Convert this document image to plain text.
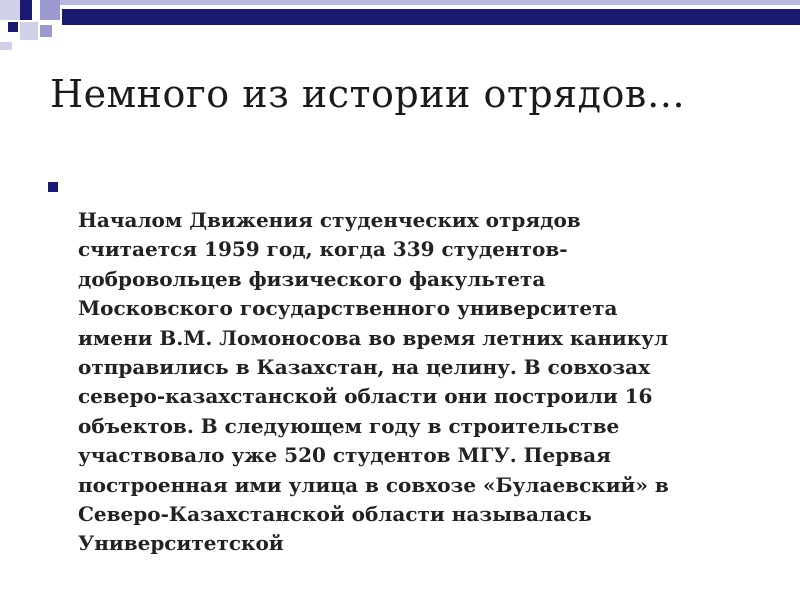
Немного из истории отрядов…

Началом Движения студенческих отрядов
считается 1959 год, когда 339 студентов-
добровольцев физического факультета
Московского государственного университета
имени В.М. Ломоносова во время летних каникул
отправились в Казахстан, на целину. В совхозах
северо-казахстанской области они построили 16
объектов. В следующем году в строительстве
участвовало уже 520 студентов МГУ. Первая
построенная ими улица в совхозе «Булаевский» в
Северо-Казахстанской области называлась
Университетской
